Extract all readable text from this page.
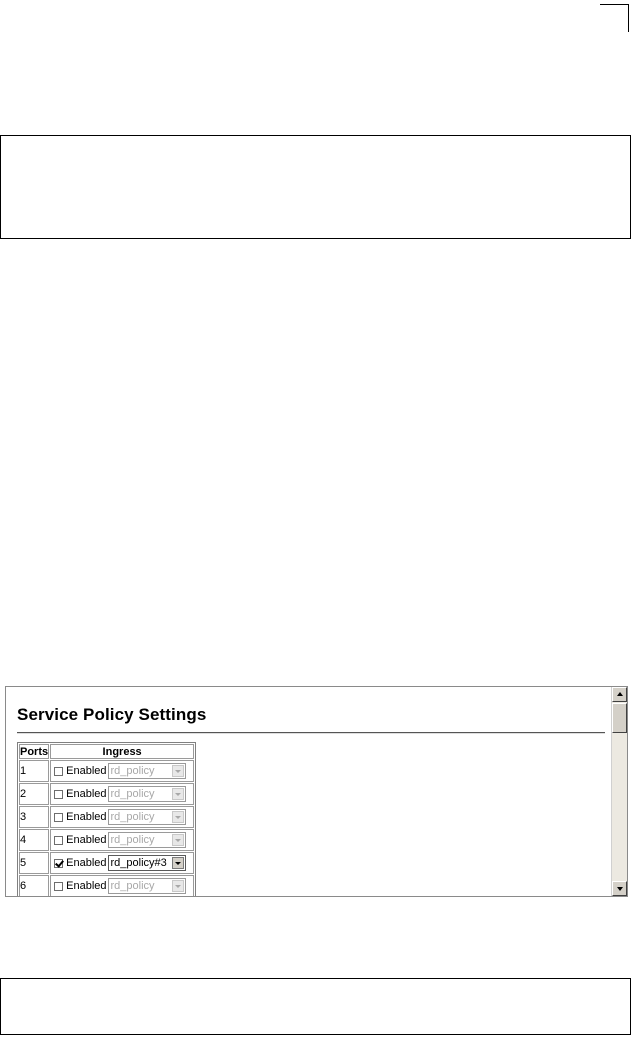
Service Policy Settings
Ports	Ingress
1	Enabled rd_policy

2	Enabled rd_policy

3	Enabled rd_policy

4	Enabled rd_policy

5	Enabled rd_policy#3

6	Enabled rd_policy
